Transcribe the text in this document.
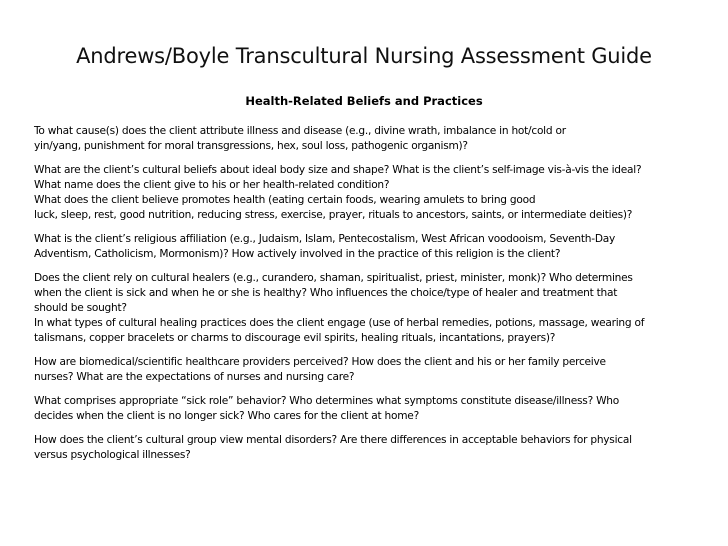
Andrews/Boyle Transcultural Nursing Assessment Guide
Health-Related Beliefs and Practices

To what cause(s) does the client attribute illness and disease (e.g., divine wrath, imbalance in hot/cold or
yin/yang, punishment for moral transgressions, hex, soul loss, pathogenic organism)?

What are the client’s cultural beliefs about ideal body size and shape? What is the client’s self-image vis-à-vis the ideal?

What name does the client give to his or her health-related condition?

What does the client believe promotes health (eating certain foods, wearing amulets to bring good
luck, sleep, rest, good nutrition, reducing stress, exercise, prayer, rituals to ancestors, saints, or intermediate deities)?

What is the client’s religious affiliation (e.g., Judaism, Islam, Pentecostalism, West African voodooism, Seventh-Day
Adventism, Catholicism, Mormonism)? How actively involved in the practice of this religion is the client?

Does the client rely on cultural healers (e.g., curandero, shaman, spiritualist, priest, minister, monk)? Who determines
when the client is sick and when he or she is healthy? Who influences the choice/type of healer and treatment that
should be sought?

In what types of cultural healing practices does the client engage (use of herbal remedies, potions, massage, wearing of
talismans, copper bracelets or charms to discourage evil spirits, healing rituals, incantations, prayers)?

How are biomedical/scientific healthcare providers perceived? How does the client and his or her family perceive
nurses? What are the expectations of nurses and nursing care?

What comprises appropriate “sick role” behavior? Who determines what symptoms constitute disease/illness? Who
decides when the client is no longer sick? Who cares for the client at home?

How does the client’s cultural group view mental disorders? Are there differences in acceptable behaviors for physical
versus psychological illnesses?
